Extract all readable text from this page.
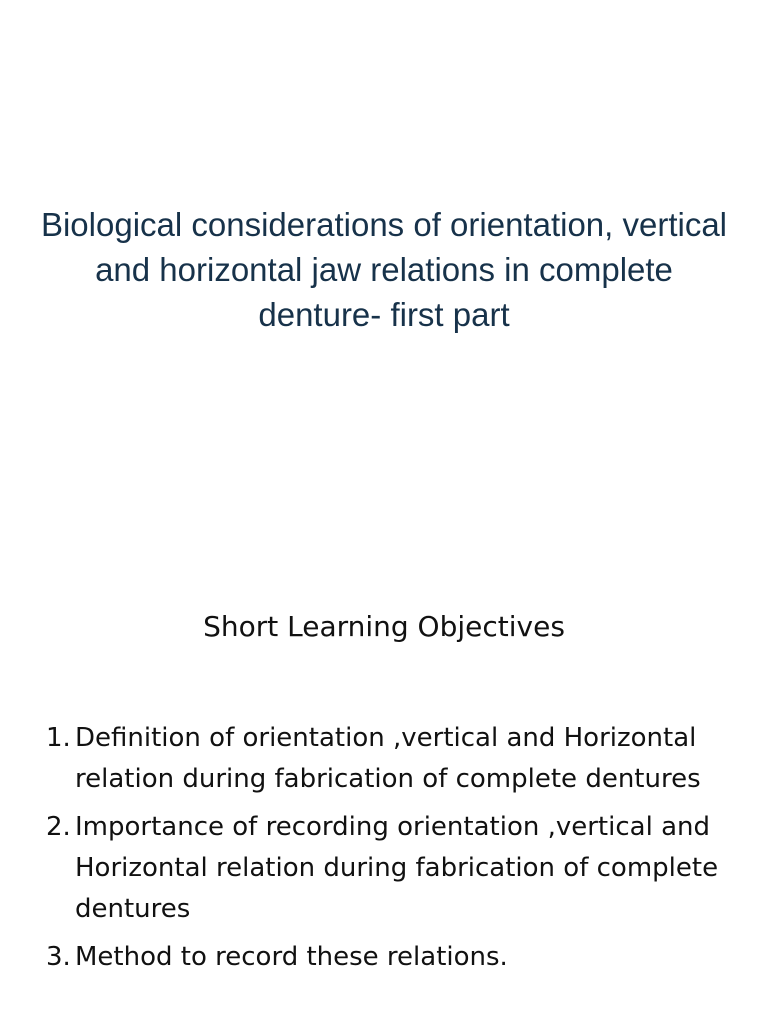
Biological considerations of orientation, vertical and horizontal jaw relations in complete denture- first part
Short Learning Objectives
1. Definition of orientation ,vertical and Horizontal relation during fabrication of complete dentures
2. Importance of recording orientation ,vertical and Horizontal relation during fabrication of complete dentures
3. Method to record these relations.
